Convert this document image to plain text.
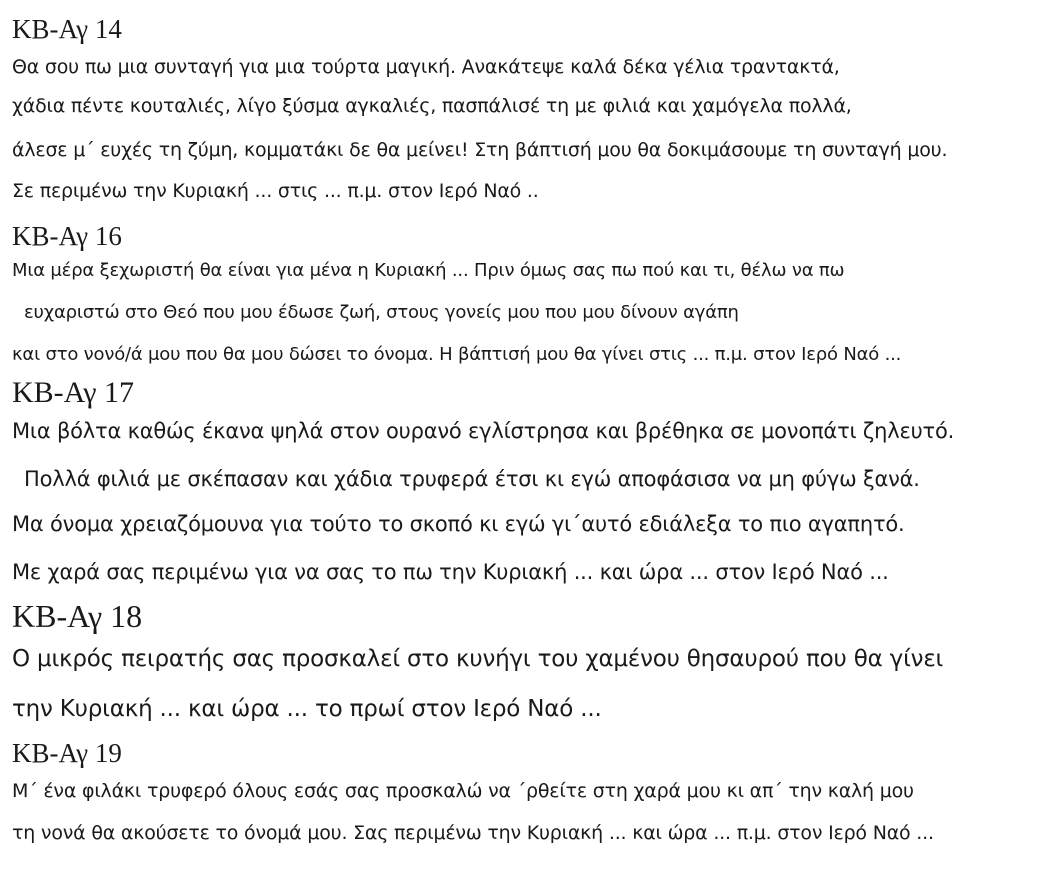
ΚΒ-Αγ 14
Θα σου πω μια συνταγή για μια τούρτα μαγική. Ανακάτεψε καλά δέκα γέλια τραντακτά,
χάδια πέντε κουταλιές, λίγο ξύσμα αγκαλιές, πασπάλισέ τη με φιλιά και χαμόγελα πολλά,
άλεσε μ΄ ευχές τη ζύμη, κομματάκι δε θα μείνει! Στη βάπτισή μου θα δοκιμάσουμε τη συνταγή μου.
Σε περιμένω την Κυριακή ... στις ... π.μ. στον Ιερό Ναό ..
ΚΒ-Αγ 16
Μια μέρα ξεχωριστή θα είναι για μένα η Κυριακή ... Πριν όμως σας πω πού και τι, θέλω να πω
ευχαριστώ στο Θεό που μου έδωσε ζωή, στους γονείς μου που μου δίνουν αγάπη
και στο νονό/ά μου που θα μου δώσει το όνομα. Η βάπτισή μου θα γίνει στις ... π.μ. στον Ιερό Ναό ...
ΚΒ-Αγ 17
Μια βόλτα καθώς έκανα ψηλά στον ουρανό εγλίστρησα και βρέθηκα σε μονοπάτι ζηλευτό.
Πολλά φιλιά με σκέπασαν και χάδια τρυφερά έτσι κι εγώ αποφάσισα να μη φύγω ξανά.
Μα όνομα χρειαζόμουνα για τούτο το σκοπό κι εγώ γι΄αυτό εδιάλεξα το πιο αγαπητό.
Με χαρά σας περιμένω για να σας το πω την Κυριακή ... και ώρα ... στον Ιερό Ναό ...
ΚΒ-Αγ 18
Ο μικρός πειρατής σας προσκαλεί στο κυνήγι του χαμένου θησαυρού που θα γίνει
την Κυριακή ... και ώρα ... το πρωί στον Ιερό Ναό ...
ΚΒ-Αγ 19
Μ΄ ένα φιλάκι τρυφερό όλους εσάς σας προσκαλώ να ΄ρθείτε στη χαρά μου κι απ΄ την καλή μου
τη νονά θα ακούσετε το όνομά μου. Σας περιμένω την Κυριακή ... και ώρα ... π.μ. στον Ιερό Ναό ...
